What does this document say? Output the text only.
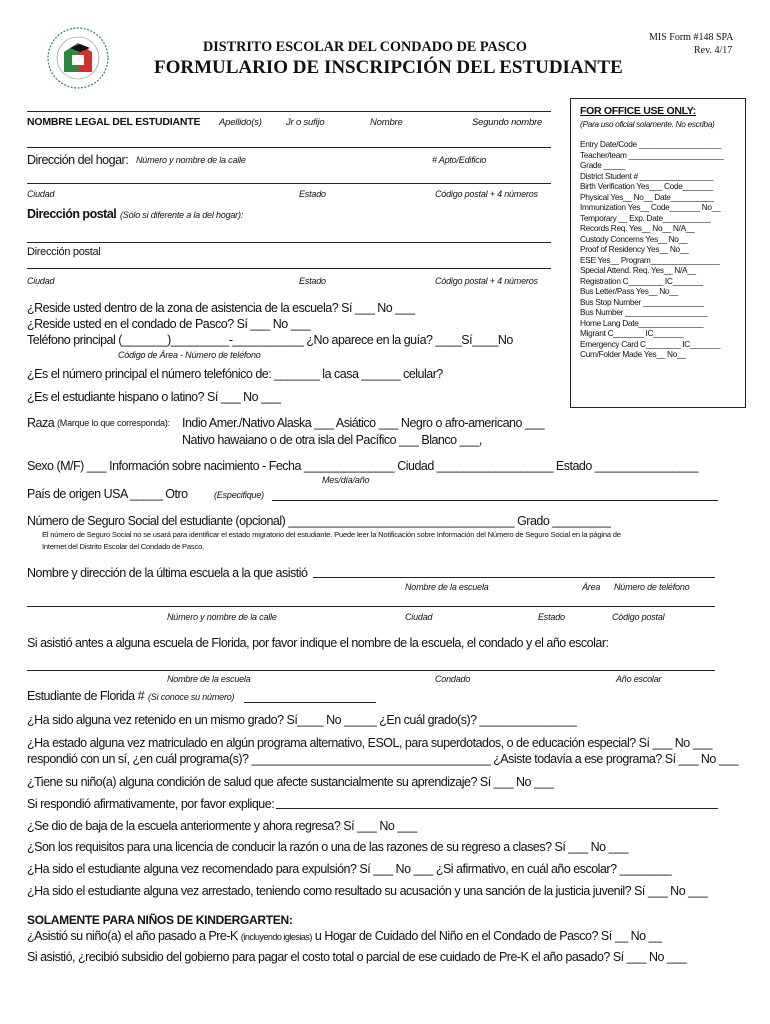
MIS Form #148 SPA
Rev. 4/17
DISTRITO ESCOLAR DEL CONDADO DE PASCO
FORMULARIO DE INSCRIPCIÓN DEL ESTUDIANTE
NOMBRE LEGAL DEL ESTUDIANTE Apellido(s)	Jr o sufijo	Nombre	Segundo nombre
Dirección del hogar: Número y nombre de la calle	# Apto/Edificio
Ciudad	Estado	Código postal + 4 números
Dirección postal (Sólo si diferente a la del hogar):
Dirección postal
Ciudad	Estado	Código postal + 4 números
¿Reside usted dentro de la zona de asistencia de la escuela? Sí ___ No ___
¿Reside usted en el condado de Pasco? Sí ___ No ___
Teléfono principal (_______)_________-___________ ¿No aparece en la guía? ____Sí____No
Código de Área - Número de teléfono
¿Es el número principal el número telefónico de: _______ la casa ______ celular?
¿Es el estudiante hispano o latino? Sí ___ No ___
Raza (Marque lo que corresponda): Indio Amer./Nativo Alaska ___ Asiático ___ Negro o afro-americano ___
Nativo hawaiano o de otra isla del Pacífico ___ Blanco ___,
Sexo (M/F) ___ Información sobre nacimiento - Fecha ______________ Ciudad __________________ Estado ________________
Mes/día/año
País de origen USA _____ Otro	(Especifique)
Número de Seguro Social del estudiante (opcional) ___________________________________ Grado _________
El número de Seguro Social no se usará para identificar el estado migratorio del estudiante. Puede leer la Notificación sobre Información del Número de Seguro Social en la página de
Internet del Distrito Escolar del Condado de Pasco.
Nombre y dirección de la última escuela a la que asistió
Nombre de la escuela	Área Número de teléfono
Número y nombre de la calle	Ciudad	Estado	Código postal
Si asistió antes a alguna escuela de Florida, por favor indique el nombre de la escuela, el condado y el año escolar:
Nombre de la escuela	Condado	Año escolar
Estudiante de Florida # (Si conoce su número)
¿Ha sido alguna vez retenido en un mismo grado? Sí____ No _____ ¿En cuál grado(s)? _______________
¿Ha estado alguna vez matriculado en algún programa alternativo, ESOL, para superdotados, o de educación especial? Sí ___ No ___
respondió con un sí, ¿en cuál programa(s)? _____________________________________ ¿Asiste todavía a ese programa? Sí ___ No ___
¿Tiene su niño(a) alguna condición de salud que afecte sustancialmente su aprendizaje? Sí ___ No ___
Si respondió afirmativamente, por favor explique:
¿Se dio de baja de la escuela anteriormente y ahora regresa? Sí ___ No ___
¿Son los requisitos para una licencia de conducir la razón o una de las razones de su regreso a clases? Sí ___ No ___
¿Ha sido el estudiante alguna vez recomendado para expulsión? Sí ___ No ___ ¿Si afirmativo, en cuál año escolar? ________
¿Ha sido el estudiante alguna vez arrestado, teniendo como resultado su acusación y una sanción de la justicia juvenil? Sí ___ No ___
SOLAMENTE PARA NIÑOS DE KINDERGARTEN:
¿Asistió su niño(a) el año pasado a Pre-K (incluyendo iglesias) u Hogar de Cuidado del Niño en el Condado de Pasco? Sí __ No __
Si asistió, ¿recibió subsidio del gobierno para pagar el costo total o parcial de ese cuidado de Pre-K el año pasado? Sí ___ No ___
FOR OFFICE USE ONLY:
(Para uso oficial solamente. No escriba)
Entry Date/Code ___________________
Teacher/team ______________________
Grade _____
District Student # _________________
Birth Verification Yes___ Code_______
Physical Yes__ No__ Date__________
Immunization Yes__ Code_______ No__
Temporary __ Exp. Date___________
Records Req. Yes__ No__ N/A__
Custody Concerns Yes__ No__
Proof of Residency Yes__ No__
ESE Yes__ Program________________
Special Attend. Req. Yes__ N/A__
Registration C________ IC_______
Bus Letter/Pass Yes__ No__
Bus Stop Number ______________
Bus Number ___________________
Home Lang Date_______________
Migrant C_______ IC_______
Emergency Card C________ IC_______
Cum/Folder Made Yes__ No__
